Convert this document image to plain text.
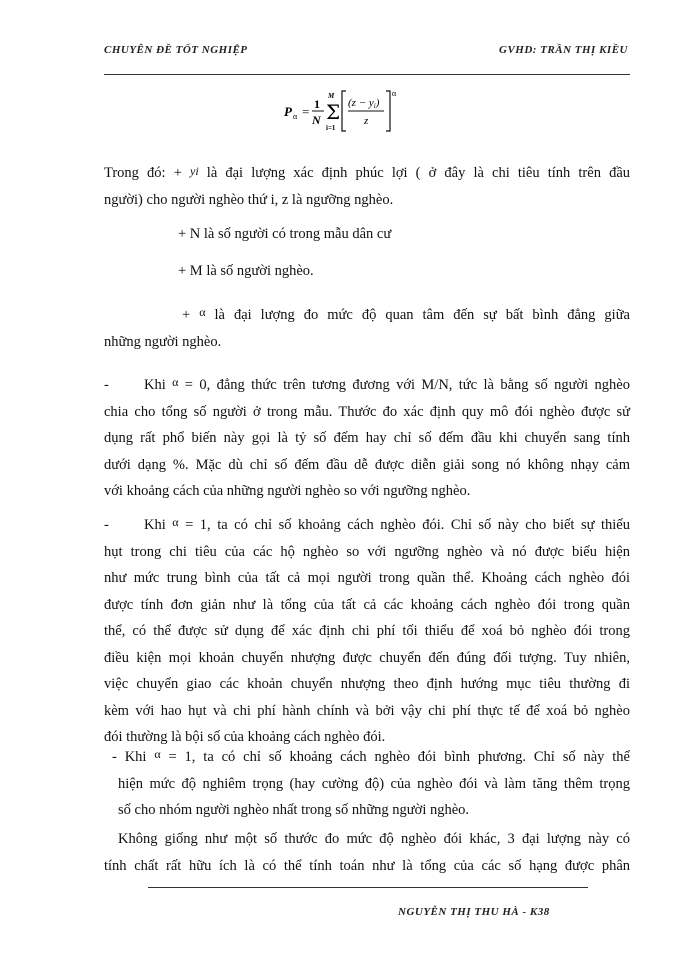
CHUYÊN ĐỀ TỐT NGHIỆP	GVHD: TRẦN THỊ KIỀU
P α = 1
N
M
Σ
i=1
(z − yi)
z
α
Trong đó: + yi là đại lượng xác định phúc lợi ( ở đây là chi tiêu tính trên đầu
người) cho người nghèo thứ i, z là ngưỡng nghèo.
+ N là số người có trong mẫu dân cư
+ M là số người nghèo.
+ $^\alpha$ là đại lượng đo mức độ quan tâm đến sự bất bình đẳng giữa
những người nghèo.
- Khi $^\alpha$ = 0, đẳng thức trên tương đương với M/N, tức là bằng số người nghèo
chia cho tổng số người ở trong mẫu. Thước đo xác định quy mô đói nghèo được sử
dụng rất phổ biến này gọi là tỷ số đếm hay chỉ số đếm đầu khi chuyển sang tính
dưới dạng %. Mặc dù chỉ số đếm đầu dễ được diễn giải song nó không nhạy cảm
với khoảng cách của những người nghèo so với ngưỡng nghèo.
- Khi $^\alpha$ = 1, ta có chỉ số khoảng cách nghèo đói. Chỉ số này cho biết sự thiếu
hụt trong chi tiêu của các hộ nghèo so với ngưỡng nghèo và nó được biểu hiện
như mức trung bình của tất cả mọi người trong quần thể. Khoảng cách nghèo đói
được tính đơn giản như là tổng của tất cả các khoảng cách nghèo đói trong quần
thể, có thể được sử dụng để xác định chi phí tối thiểu để xoá bỏ nghèo đói trong
điều kiện mọi khoản chuyển nhượng được chuyển đến đúng đối tượng. Tuy nhiên,
việc chuyển giao các khoản chuyển nhượng theo định hướng mục tiêu thường đi
kèm với hao hụt và chi phí hành chính và bởi vậy chi phí thực tế để xoá bỏ nghèo
đói thường là bội số của khoảng cách nghèo đói.
- Khi $^\alpha$ = 1, ta có chỉ số khoảng cách nghèo đói bình phương. Chỉ số này thể
hiện mức độ nghiêm trọng (hay cường độ) của nghèo đói và làm tăng thêm trọng
số cho nhóm người nghèo nhất trong số những người nghèo.
Không giống như một số thước đo mức độ nghèo đói khác, 3 đại lượng này có
tính chất rất hữu ích là có thể tính toán như là tổng của các số hạng được phân
NGUYỄN THỊ THU HÀ - K38
